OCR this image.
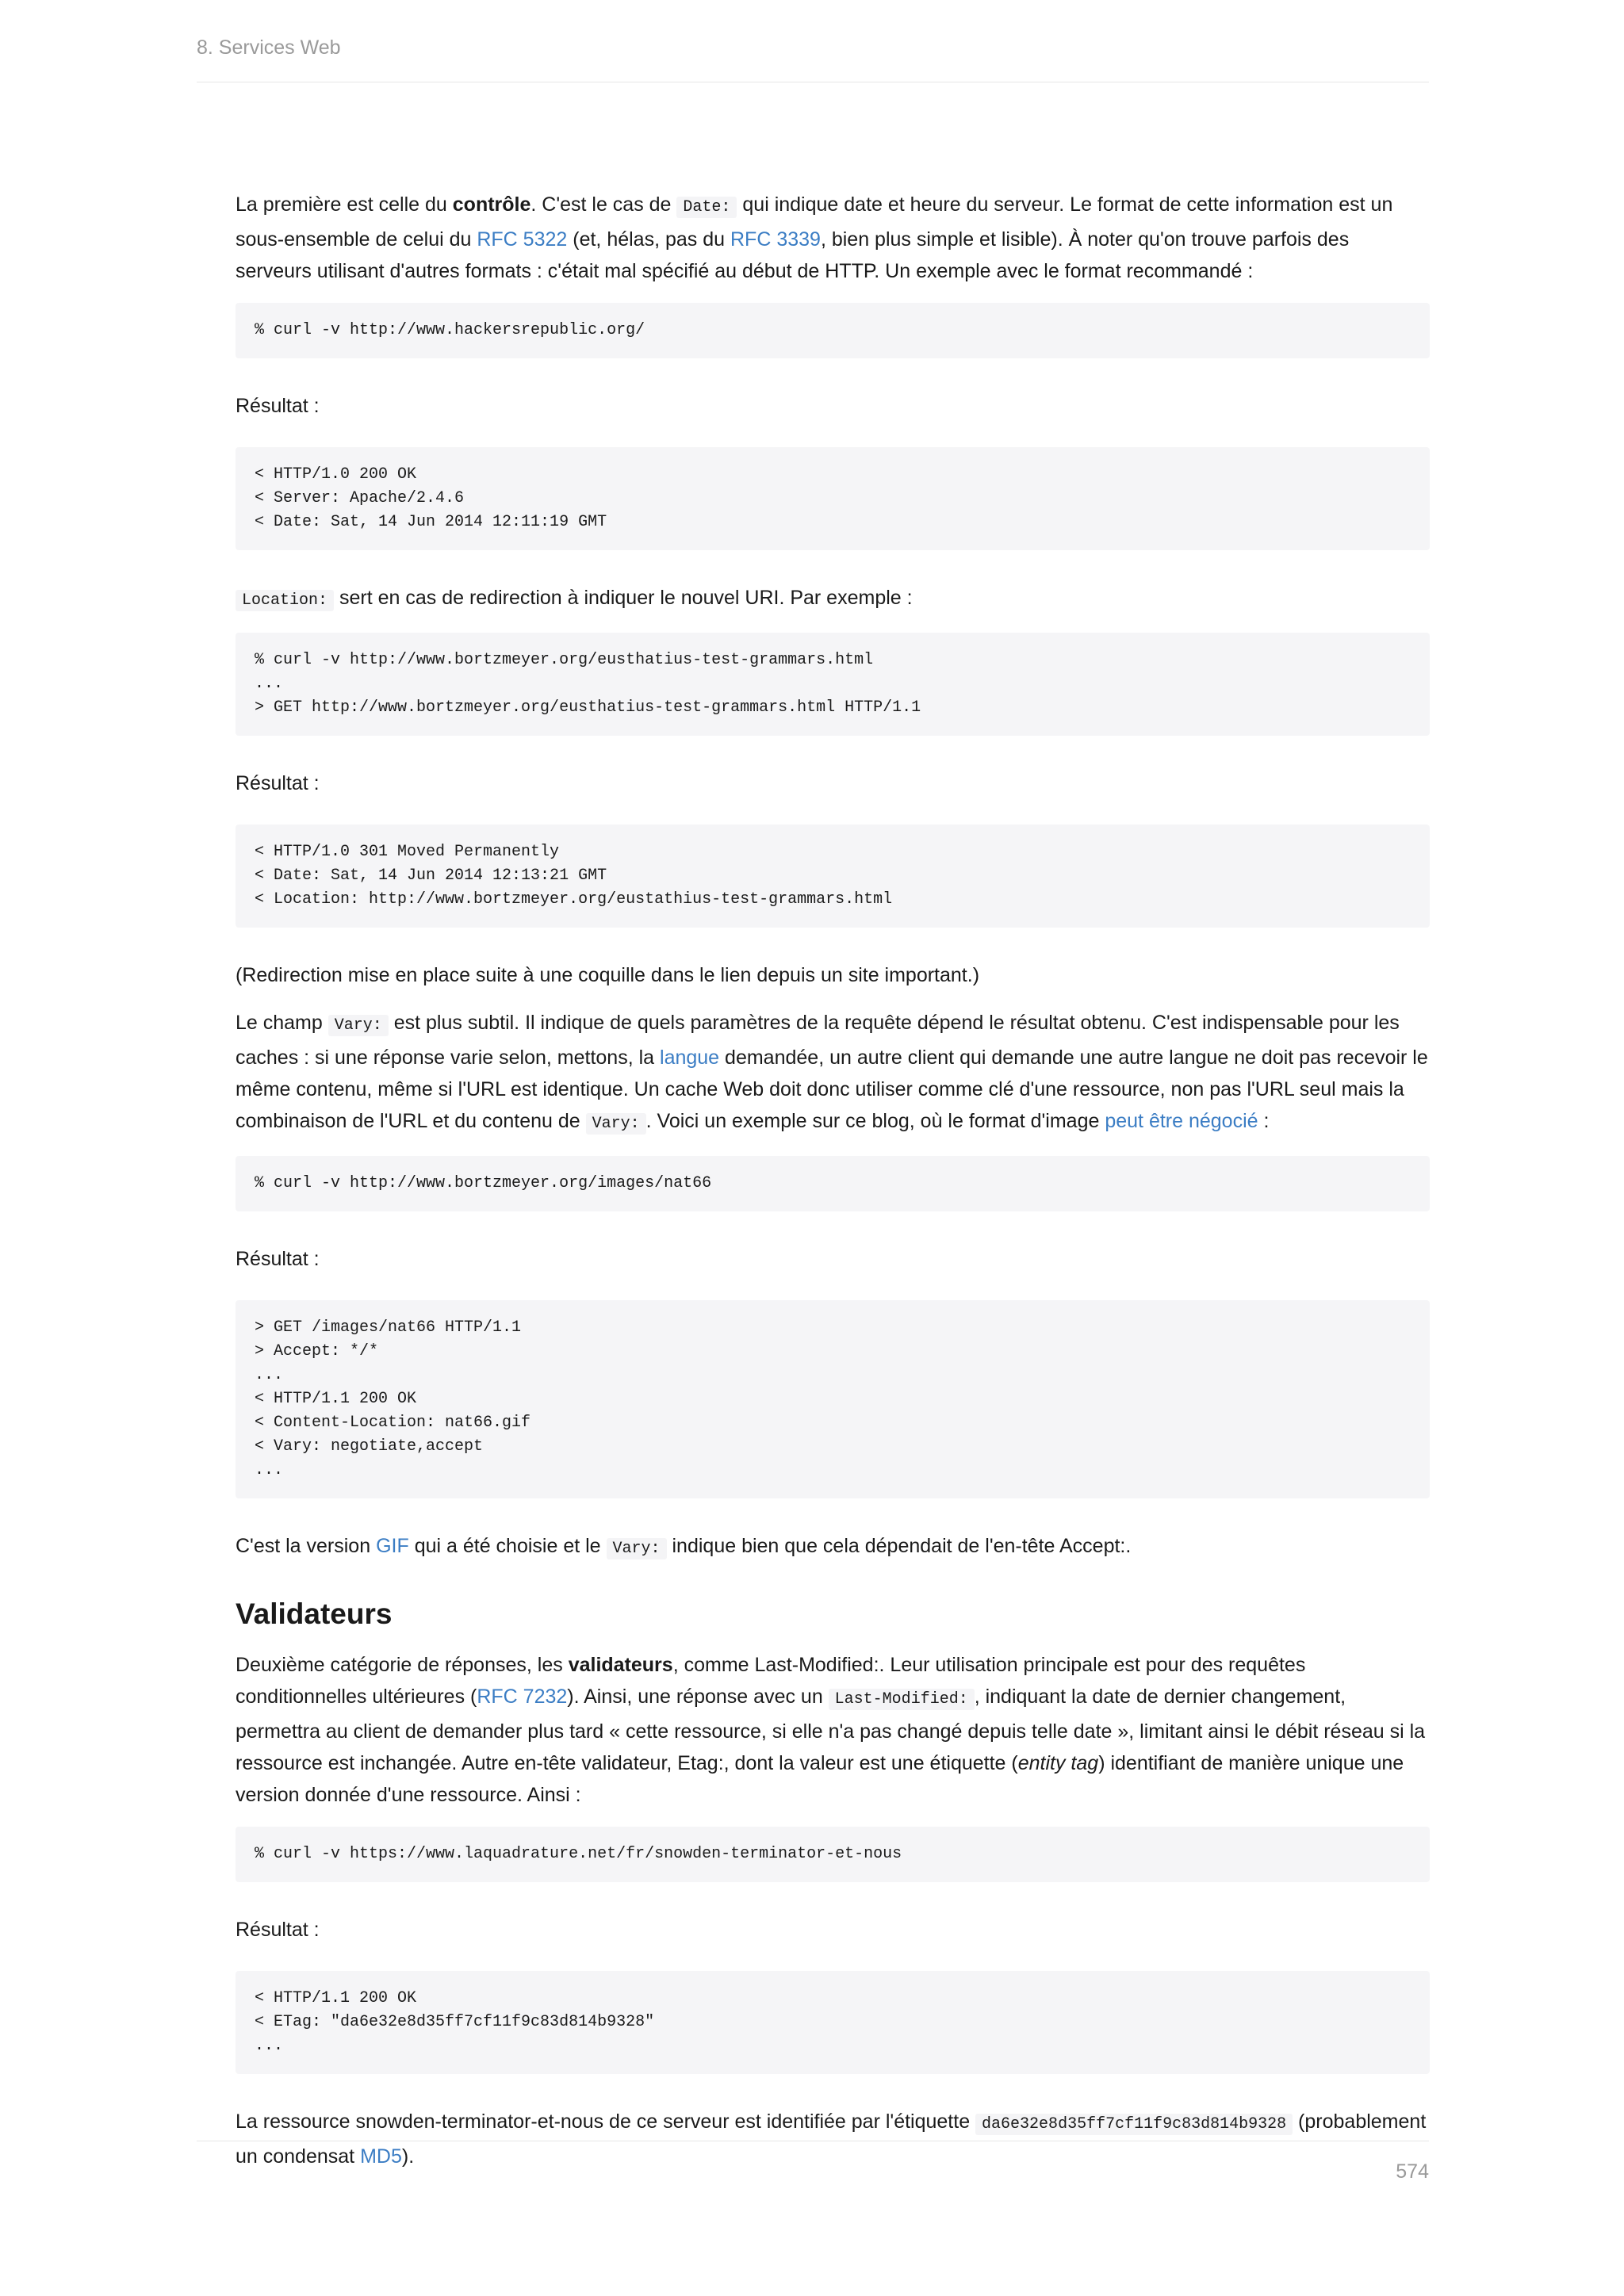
8. Services Web

La première est celle du contrôle. C'est le cas de Date: qui indique date et heure du serveur. Le format de cette information est un sous-ensemble de celui du RFC 5322 (et, hélas, pas du RFC 3339, bien plus simple et lisible). À noter qu'on trouve parfois des serveurs utilisant d'autres formats : c'était mal spécifié au début de HTTP. Un exemple avec le format recommandé :

% curl -v http://www.hackersrepublic.org/

Résultat :

< HTTP/1.0 200 OK
< Server: Apache/2.4.6
< Date: Sat, 14 Jun 2014 12:11:19 GMT

Location: sert en cas de redirection à indiquer le nouvel URI. Par exemple :

% curl -v http://www.bortzmeyer.org/eusthatius-test-grammars.html
...
> GET http://www.bortzmeyer.org/eusthatius-test-grammars.html HTTP/1.1

Résultat :

< HTTP/1.0 301 Moved Permanently
< Date: Sat, 14 Jun 2014 12:13:21 GMT
< Location: http://www.bortzmeyer.org/eustathius-test-grammars.html

(Redirection mise en place suite à une coquille dans le lien depuis un site important.)

Le champ Vary: est plus subtil. Il indique de quels paramètres de la requête dépend le résultat obtenu. C'est indispensable pour les caches : si une réponse varie selon, mettons, la langue demandée, un autre client qui demande une autre langue ne doit pas recevoir le même contenu, même si l'URL est identique. Un cache Web doit donc utiliser comme clé d'une ressource, non pas l'URL seul mais la combinaison de l'URL et du contenu de Vary: . Voici un exemple sur ce blog, où le format d'image peut être négocié :

% curl -v http://www.bortzmeyer.org/images/nat66

Résultat :

> GET /images/nat66 HTTP/1.1
> Accept: */*
...
< HTTP/1.1 200 OK
< Content-Location: nat66.gif
< Vary: negotiate,accept
...

C'est la version GIF qui a été choisie et le Vary: indique bien que cela dépendait de l'en-tête Accept:.

Validateurs

Deuxième catégorie de réponses, les validateurs, comme Last-Modified:. Leur utilisation principale est pour des requêtes conditionnelles ultérieures (RFC 7232). Ainsi, une réponse avec un Last-Modified: , indiquant la date de dernier changement, permettra au client de demander plus tard « cette ressource, si elle n'a pas changé depuis telle date », limitant ainsi le débit réseau si la ressource est inchangée. Autre en-tête validateur, Etag:, dont la valeur est une étiquette (entity tag) identifiant de manière unique une version donnée d'une ressource. Ainsi :

% curl -v https://www.laquadrature.net/fr/snowden-terminator-et-nous

Résultat :

< HTTP/1.1 200 OK
< ETag: "da6e32e8d35ff7cf11f9c83d814b9328"
...

La ressource snowden-terminator-et-nous de ce serveur est identifiée par l'étiquette da6e32e8d35ff7cf11f9c83d814b9328 (probablement un condensat MD5).

574
